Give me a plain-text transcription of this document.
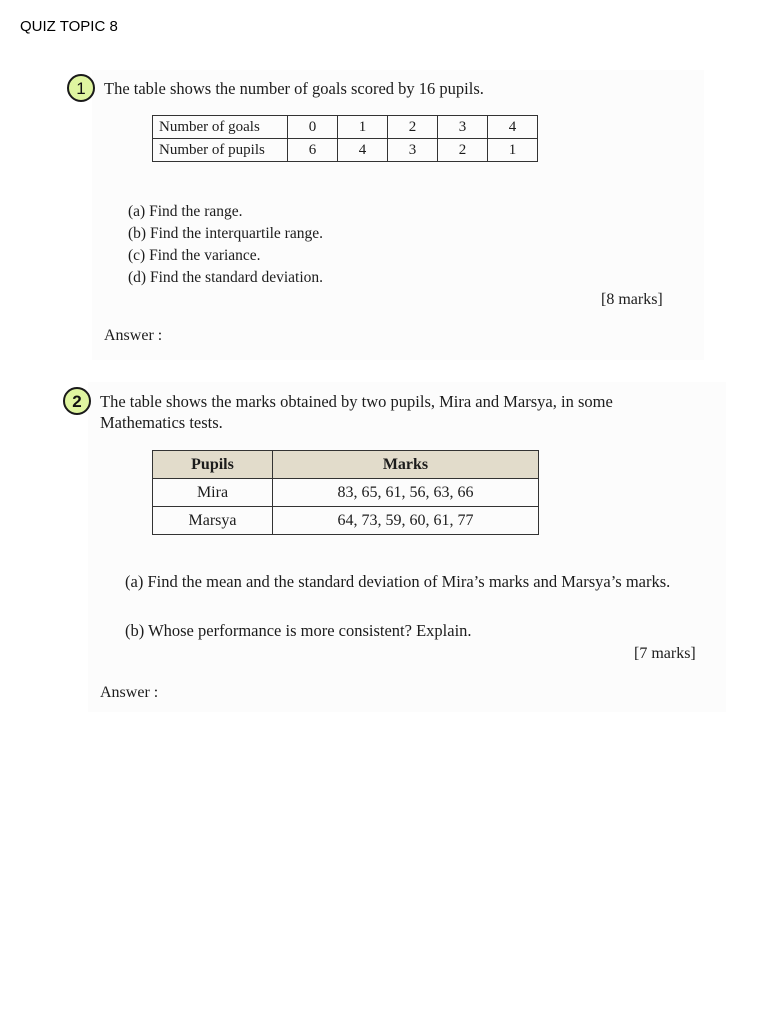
QUIZ TOPIC 8
1 The table shows the number of goals scored by 16 pupils.
Number of goals	0	1	2	3	4
Number of pupils	6	4	3	2	1
(a) Find the range.
(b) Find the interquartile range.
(c) Find the variance.
(d) Find the standard deviation.
[8 marks]
Answer :
2 The table shows the marks obtained by two pupils, Mira and Marsya, in some
Mathematics tests.
Pupils	Marks
Mira	83, 65, 61, 56, 63, 66
Marsya	64, 73, 59, 60, 61, 77
(a) Find the mean and the standard deviation of Mira’s marks and Marsya’s marks.
(b) Whose performance is more consistent? Explain.
[7 marks]
Answer :
